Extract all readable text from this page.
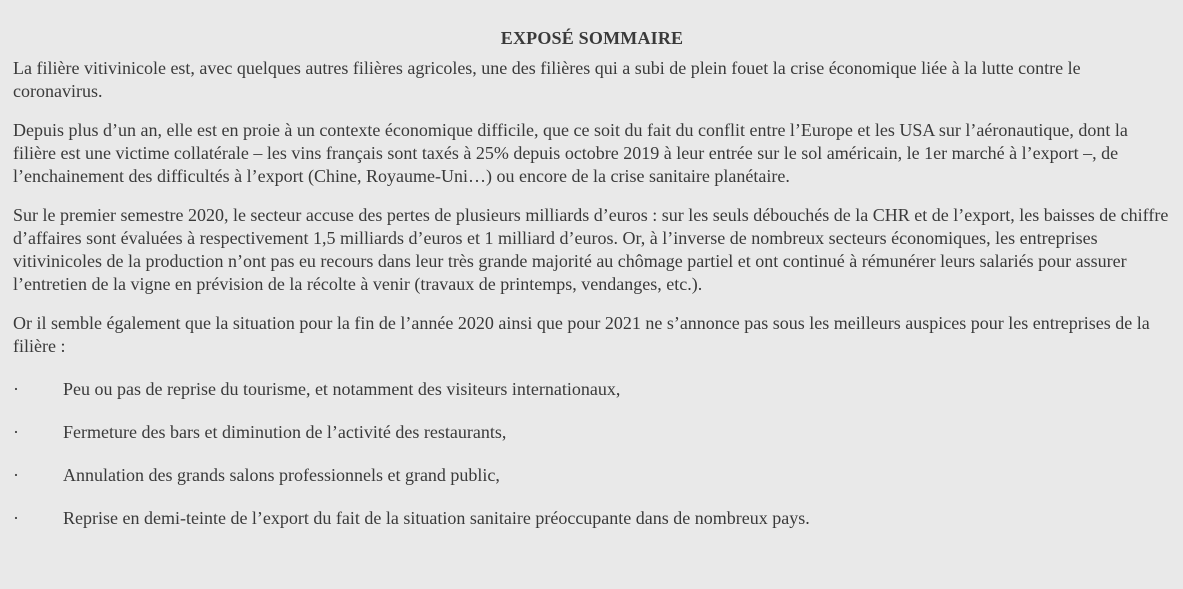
EXPOSÉ SOMMAIRE

La filière vitivinicole est, avec quelques autres filières agricoles, une des filières qui a subi de plein fouet la crise économique liée à la lutte contre le coronavirus.

Depuis plus d’un an, elle est en proie à un contexte économique difficile, que ce soit du fait du conflit entre l’Europe et les USA sur l’aéronautique, dont la filière est une victime collatérale – les vins français sont taxés à 25% depuis octobre 2019 à leur entrée sur le sol américain, le 1er marché à l’export –, de l’enchainement des difficultés à l’export (Chine, Royaume-Uni…) ou encore de la crise sanitaire planétaire.

Sur le premier semestre 2020, le secteur accuse des pertes de plusieurs milliards d’euros : sur les seuls débouchés de la CHR et de l’export, les baisses de chiffre d’affaires sont évaluées à respectivement 1,5 milliards d’euros et 1 milliard d’euros. Or, à l’inverse de nombreux secteurs économiques, les entreprises vitivinicoles de la production n’ont pas eu recours dans leur très grande majorité au chômage partiel et ont continué à rémunérer leurs salariés pour assurer l’entretien de la vigne en prévision de la récolte à venir (travaux de printemps, vendanges, etc.).

Or il semble également que la situation pour la fin de l’année 2020 ainsi que pour 2021 ne s’annonce pas sous les meilleurs auspices pour les entreprises de la filière :

·	Peu ou pas de reprise du tourisme, et notamment des visiteurs internationaux,
·	Fermeture des bars et diminution de l’activité des restaurants,
·	Annulation des grands salons professionnels et grand public,
·	Reprise en demi-teinte de l’export du fait de la situation sanitaire préoccupante dans de nombreux pays.
